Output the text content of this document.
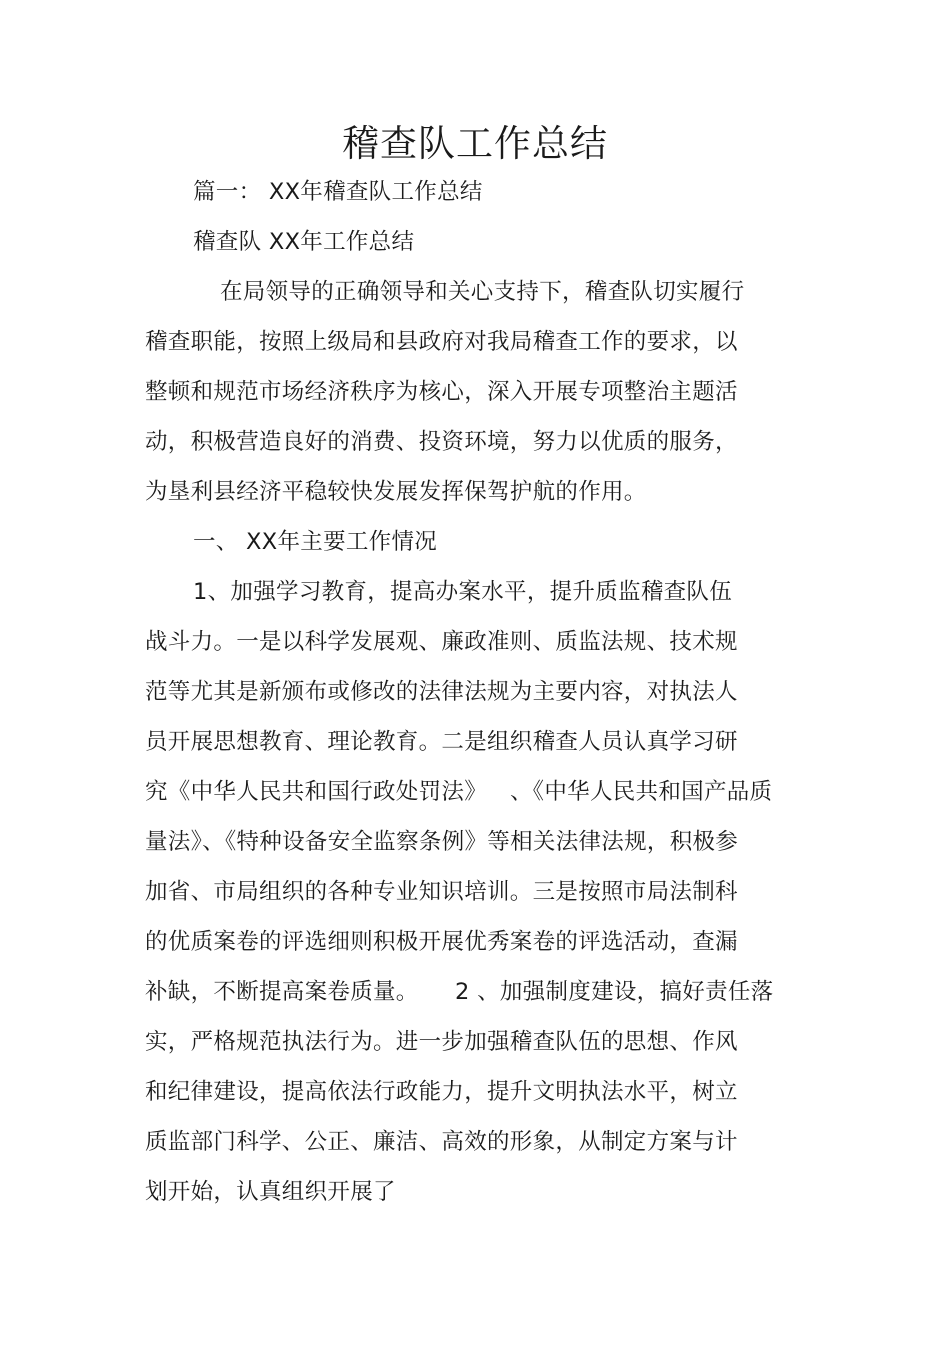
稽查队工作总结
篇一： XX年稽查队工作总结
稽查队 XX年工作总结
在局领导的正确领导和关心支持下，稽查队切实履行
稽查职能，按照上级局和县政府对我局稽查工作的要求，以
整顿和规范市场经济秩序为核心，深入开展专项整治主题活
动，积极营造良好的消费、投资环境，努力以优质的服务，
为垦利县经济平稳较快发展发挥保驾护航的作用。
一、 XX年主要工作情况
1、加强学习教育，提高办案水平，提升质监稽查队伍
战斗力。一是以科学发展观、廉政准则、质监法规、技术规
范等尤其是新颁布或修改的法律法规为主要内容，对执法人
员开展思想教育、理论教育。二是组织稽查人员认真学习研
究《中华人民共和国行政处罚法》 、《中华人民共和国产品质
量法》、《特种设备安全监察条例》等相关法律法规，积极参
加省、市局组织的各种专业知识培训。三是按照市局法制科
的优质案卷的评选细则积极开展优秀案卷的评选活动，查漏
补缺，不断提高案卷质量。 2 、加强制度建设，搞好责任落
实，严格规范执法行为。进一步加强稽查队伍的思想、作风
和纪律建设，提高依法行政能力，提升文明执法水平，树立
质监部门科学、公正、廉洁、高效的形象，从制定方案与计
划开始，认真组织开展了
